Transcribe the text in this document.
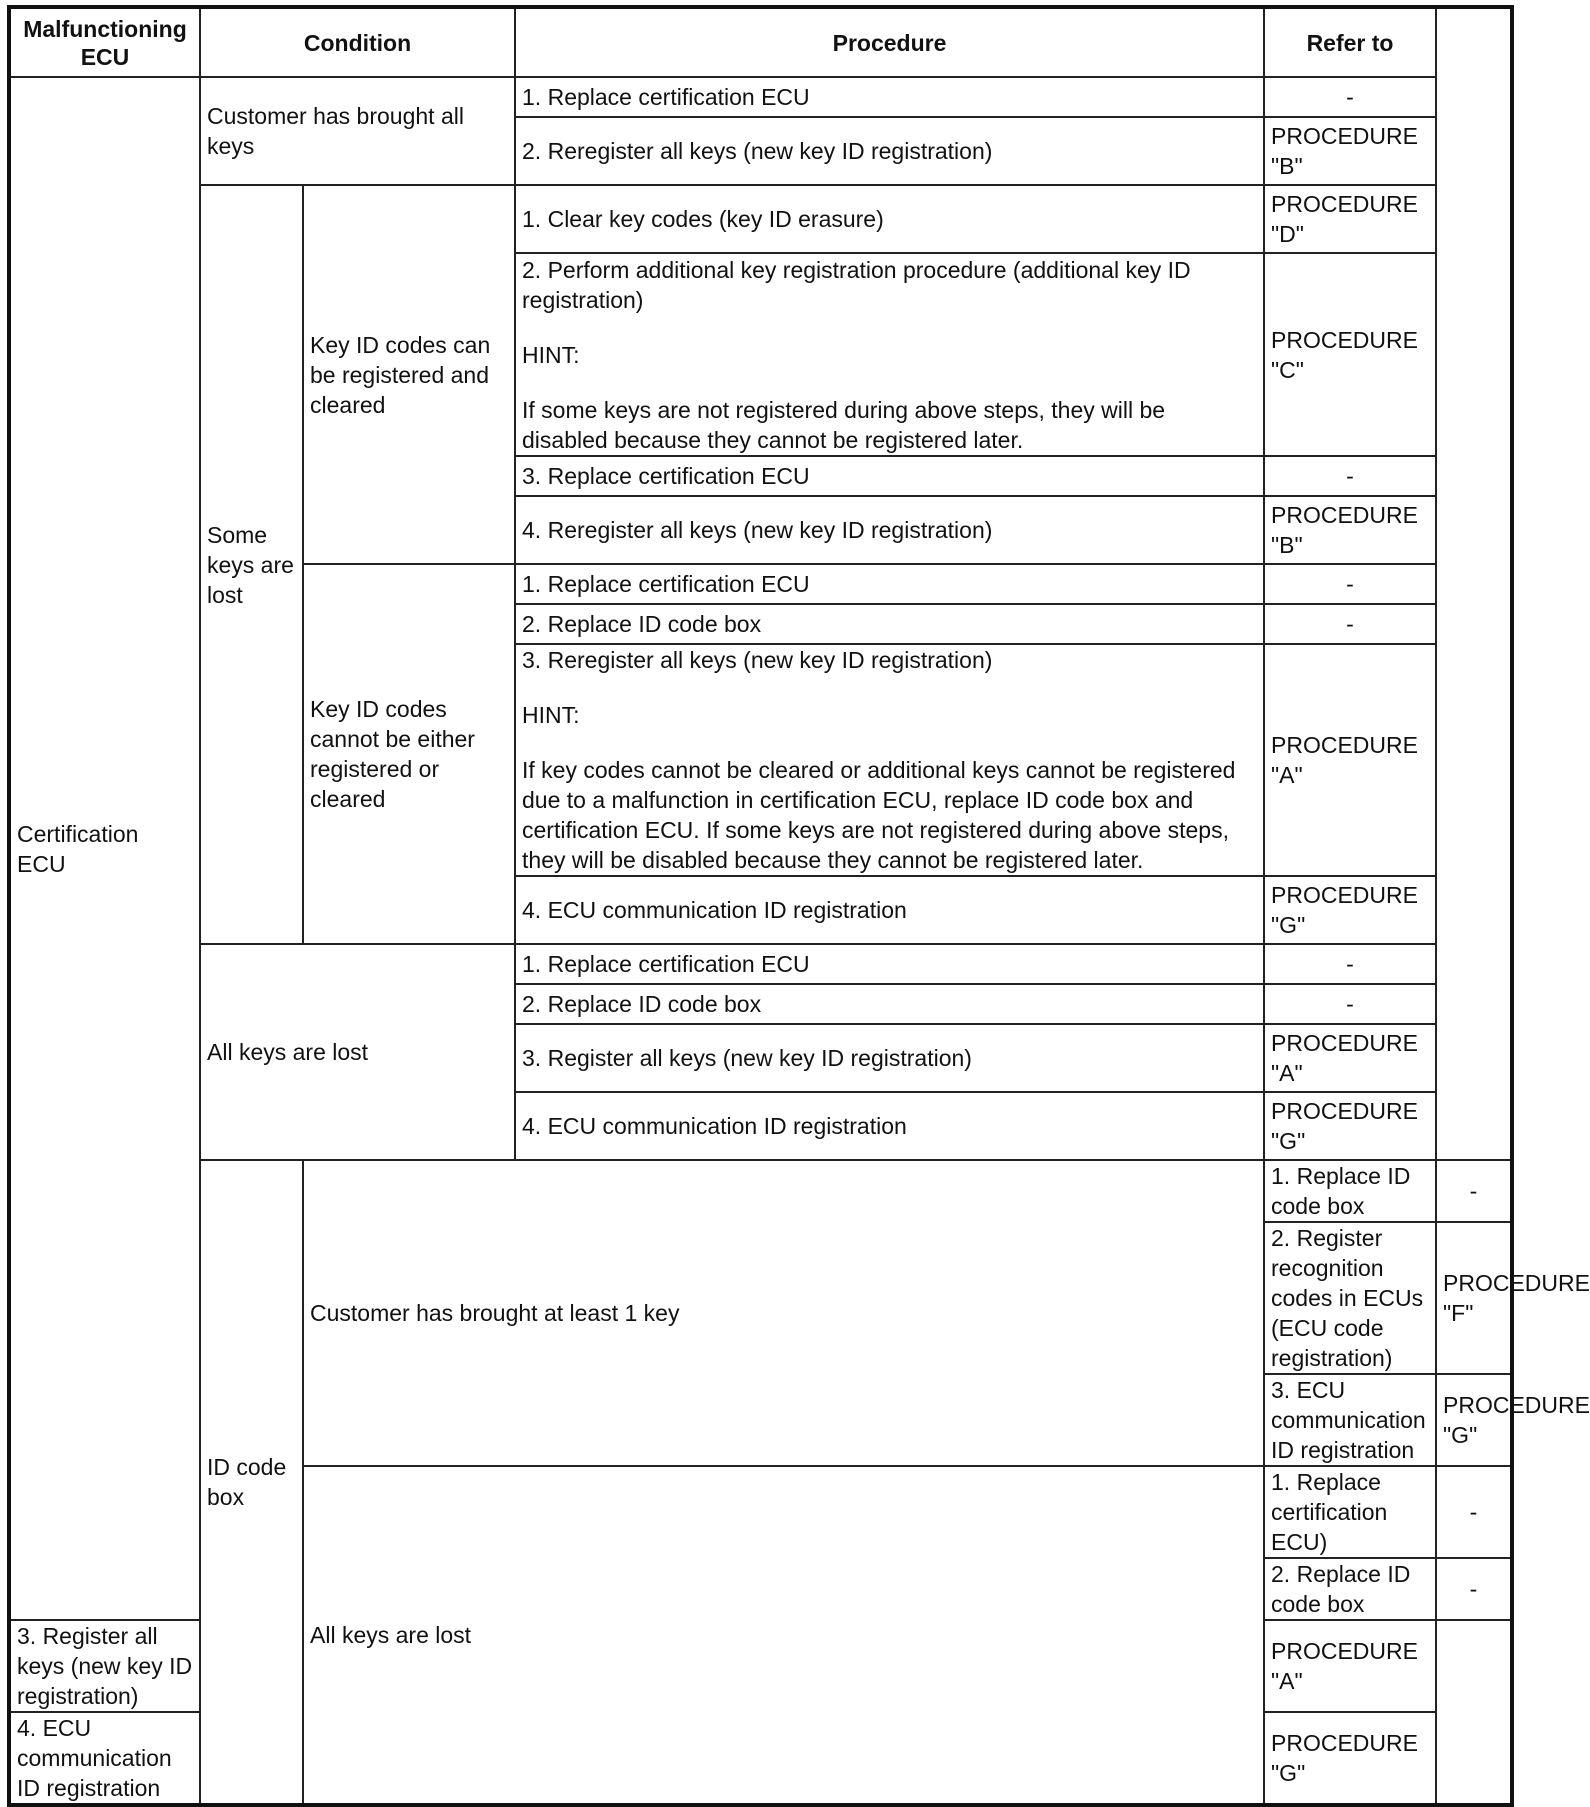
Malfunctioning ECU	Condition		Procedure	Refer to	
Certification ECU	Customer has brought all keys		1. Replace certification ECU	-	
			2. Reregister all keys (new key ID registration)	PROCEDURE "B"	
	Some keys are lost	Key ID codes can be registered and cleared	1. Clear key codes (key ID erasure)	PROCEDURE "D"	

			2. Perform additional key registration procedure (additional key ID registration)
HINT:
If some keys are not registered during above steps, they will be disabled because they cannot be registered later.	PROCEDURE "C"	
			3. Replace certification ECU	-	
			4. Reregister all keys (new key ID registration)	PROCEDURE "B"	
		Key ID codes cannot be either registered or cleared	1. Replace certification ECU	-	
			2. Replace ID code box	-	

			3. Reregister all keys (new key ID registration)
HINT:
If key codes cannot be cleared or additional keys cannot be registered due to a malfunction in certification ECU, replace ID code box and certification ECU. If some keys are not registered during above steps, they will be disabled because they cannot be registered later.	PROCEDURE "A"	
			4. ECU communication ID registration	PROCEDURE "G"	
	All keys are lost		1. Replace certification ECU	-	
			2. Replace ID code box	-	
			3. Register all keys (new key ID registration)	PROCEDURE "A"	
			4. ECU communication ID registration	PROCEDURE "G"	
	ID code box	Customer has brought at least 1 key		1. Replace ID code box	-
				2. Register recognition codes in ECUs (ECU code registration)	PROCEDURE "F"
				3. ECU communication ID registration	PROCEDURE "G"
		All keys are lost		1. Replace certification ECU)	-
				2. Replace ID code box	-
3. Register all keys (new key ID registration)				PROCEDURE "A"	
4. ECU communication ID registration				PROCEDURE "G"	
